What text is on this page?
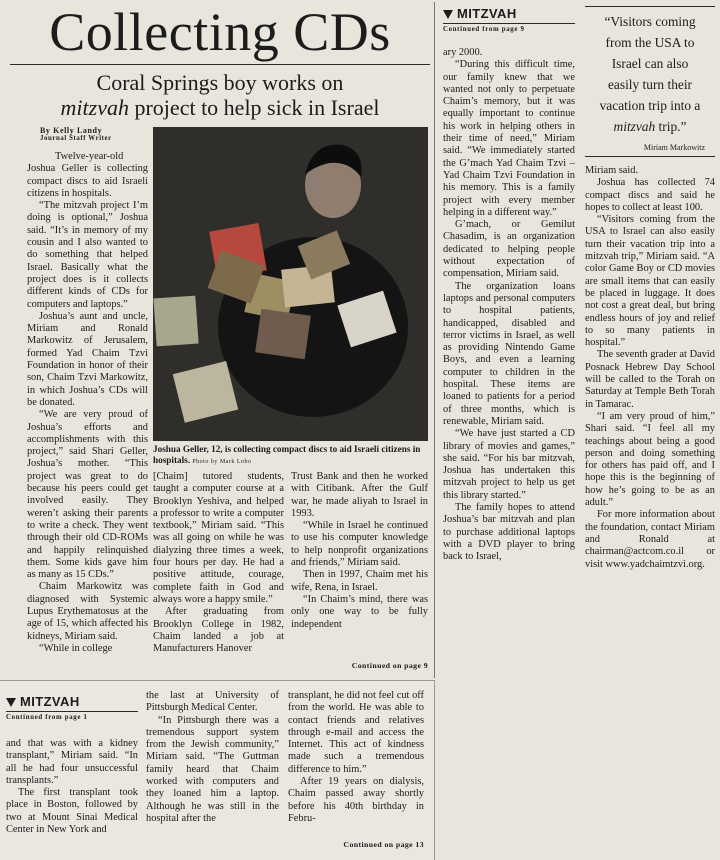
Collecting CDs
Coral Springs boy works on
mitzvah project to help sick in Israel
By Kelly Landy
Journal Staff Writer

Twelve-year-old Joshua Geller is collecting compact discs to aid Israeli citizens in hospitals.

“The mitzvah project I’m doing is optional,” Joshua said. “It’s in memory of my cousin and I also wanted to do something that helped Israel. Basically what the project does is it collects different kinds of CDs for computers and laptops.”

Joshua’s aunt and uncle, Miriam and Ronald Markowitz of Jerusalem, formed Yad Chaim Tzvi Foundation in honor of their son, Chaim Tzvi Markowitz, in which Joshua’s CDs will be donated.

“We are very proud of Joshua’s efforts and accomplishments with this project,” said Shari Geller, Joshua’s mother. “This project was great to do because his peers could get involved easily. They weren’t asking their parents to write a check. They went through their old CD-ROMs and happily relinquished them. Some kids gave him as many as 15 CDs.”

Chaim Markowitz was diagnosed with Systemic Lupus Erythematosus at the age of 15, which affected his kidneys, Miriam said.

“While in college

Joshua Geller, 12, is collecting compact discs to aid Israeli citizens in hospitals. Photo by Mark Lobo

[Chaim] tutored students, taught a computer course at a Brooklyn Yeshiva, and helped a professor to write a computer textbook,” Miriam said. “This was all going on while he was dialyzing three times a week, four hours per day. He had a positive attitude, courage, complete faith in God and always wore a happy smile.”

After graduating from Brooklyn College in 1982, Chaim landed a job at Manufacturers Hanover

Trust Bank and then he worked with Citibank. After the Gulf war, he made aliyah to Israel in 1993.

“While in Israel he continued to use his computer knowledge to help nonprofit organizations and friends,” Miriam said.

Then in 1997, Chaim met his wife, Rena, in Israel.

“In Chaim’s mind, there was only one way to be fully independent

Continued on page 9
MITZVAH
Continued from page 9

ary 2000.

“During this difficult time, our family knew that we wanted not only to perpetuate Chaim’s memory, but it was equally important to continue his work in helping others in their time of need,” Miriam said. “We immediately started the G’mach Yad Chaim Tzvi – Yad Chaim Tzvi Foundation in his memory. This is a family project with every member helping in a different way.”

G’mach, or Gemilut Chasadim, is an organization dedicated to helping people without expectation of compensation, Miriam said.

The organization loans laptops and personal computers to hospital patients, handicapped, disabled and terror victims in Israel, as well as providing Nintendo Game Boys, and even a learning computer to children in the hospital. These items are loaned to patients for a period of three months, which is renewable, Miriam said.

“We have just started a CD library of movies and games,” she said. “For his bar mitzvah, Joshua has undertaken this mitzvah project to help us get this library started.”

The family hopes to attend Joshua’s bar mitzvah and plan to purchase additional laptops with a DVD player to bring back to Israel,

“Visitors coming
from the USA to
Israel can also
easily turn their
vacation trip into a
mitzvah trip.”
Miriam Markowitz

Miriam said.

Joshua has collected 74 compact discs and said he hopes to collect at least 100.

“Visitors coming from the USA to Israel can also easily turn their vacation trip into a mitzvah trip,” Miriam said. “A color Game Boy or CD movies are small items that can easily be placed in luggage. It does not cost a great deal, but bring endless hours of joy and relief to so many patients in hospital.”

The seventh grader at David Posnack Hebrew Day School will be called to the Torah on Saturday at Temple Beth Torah in Tamarac.

“I am very proud of him,” Shari said. “I feel all my teachings about being a good person and doing something for others has paid off, and I hope this is the beginning of how he’s going to be as an adult.”

For more information about the foundation, contact Miriam and Ronald at chairman@actcom.co.il or visit www.yadchaimtzvi.org.

MITZVAH
Continued from page 1

and that was with a kidney transplant,” Miriam said. “In all he had four unsuccessful transplants.”

The first transplant took place in Boston, followed by two at Mount Sinai Medical Center in New York and

the last at University of Pittsburgh Medical Center.

“In Pittsburgh there was a tremendous support system from the Jewish community,” Miriam said. “The Guttman family heard that Chaim worked with computers and they loaned him a laptop. Although he was still in the hospital after the

transplant, he did not feel cut off from the world. He was able to contact friends and relatives through e-mail and access the Internet. This act of kindness made such a tremendous difference to him.”

After 19 years on dialysis, Chaim passed away shortly before his 40th birthday in Febru-

Continued on page 13
